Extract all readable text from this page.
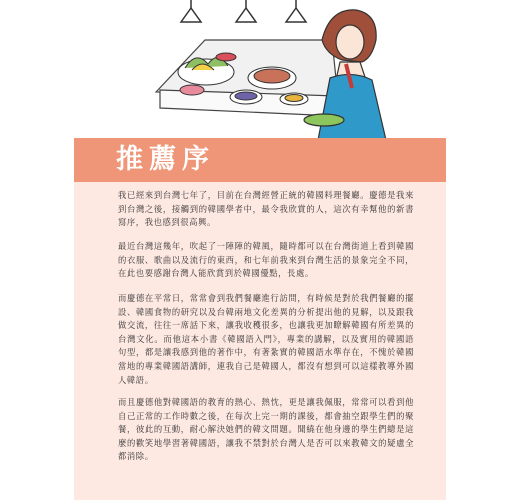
推薦序

我已經來到台灣七年了，目前在台灣經營正統的韓國料理餐廳。慶德是我來到台灣之後，接觸到的韓國學者中，最令我欣賞的人，這次有幸幫他的新書寫序，我也感到很高興。

最近台灣這幾年，吹起了一陣陣的韓風，隨時都可以在台灣街道上看到韓國的衣服、歌曲以及流行的東西，和七年前我來到台灣生活的景象完全不同，在此也要感謝台灣人能欣賞到於韓國優點，長處。

而慶德在平常日，常常會到我們餐廳進行訪問，有時候是對於我們餐廳的擺設、韓國食物的研究以及台韓兩地文化差異的分析提出他的見解，以及跟我做交流，往往一席話下來，讓我收穫很多，也讓我更加瞭解韓國有所差異的台灣文化。而他這本小書《韓國語入門》，專業的講解，以及實用的韓國語句型，都是讓我感到他的著作中，有著紮實的韓國語水準存在，不愧於韓國當地的專業韓國語講師，連我自己是韓國人，都沒有想到可以這樣教導外國人韓語。

而且慶德他對韓國語的教育的熱心、熱忱，更是讓我佩服，常常可以看到他自己正常的工作時數之後，在每次上完一期的課後，都會抽空跟學生們的聚餐，彼此的互動，耐心解決她們的韓文問題。聞繞在他身邊的學生們總是這麼的歡笑地學習著韓國語，讓我不禁對於台灣人是否可以來教韓文的疑慮全都消除。
